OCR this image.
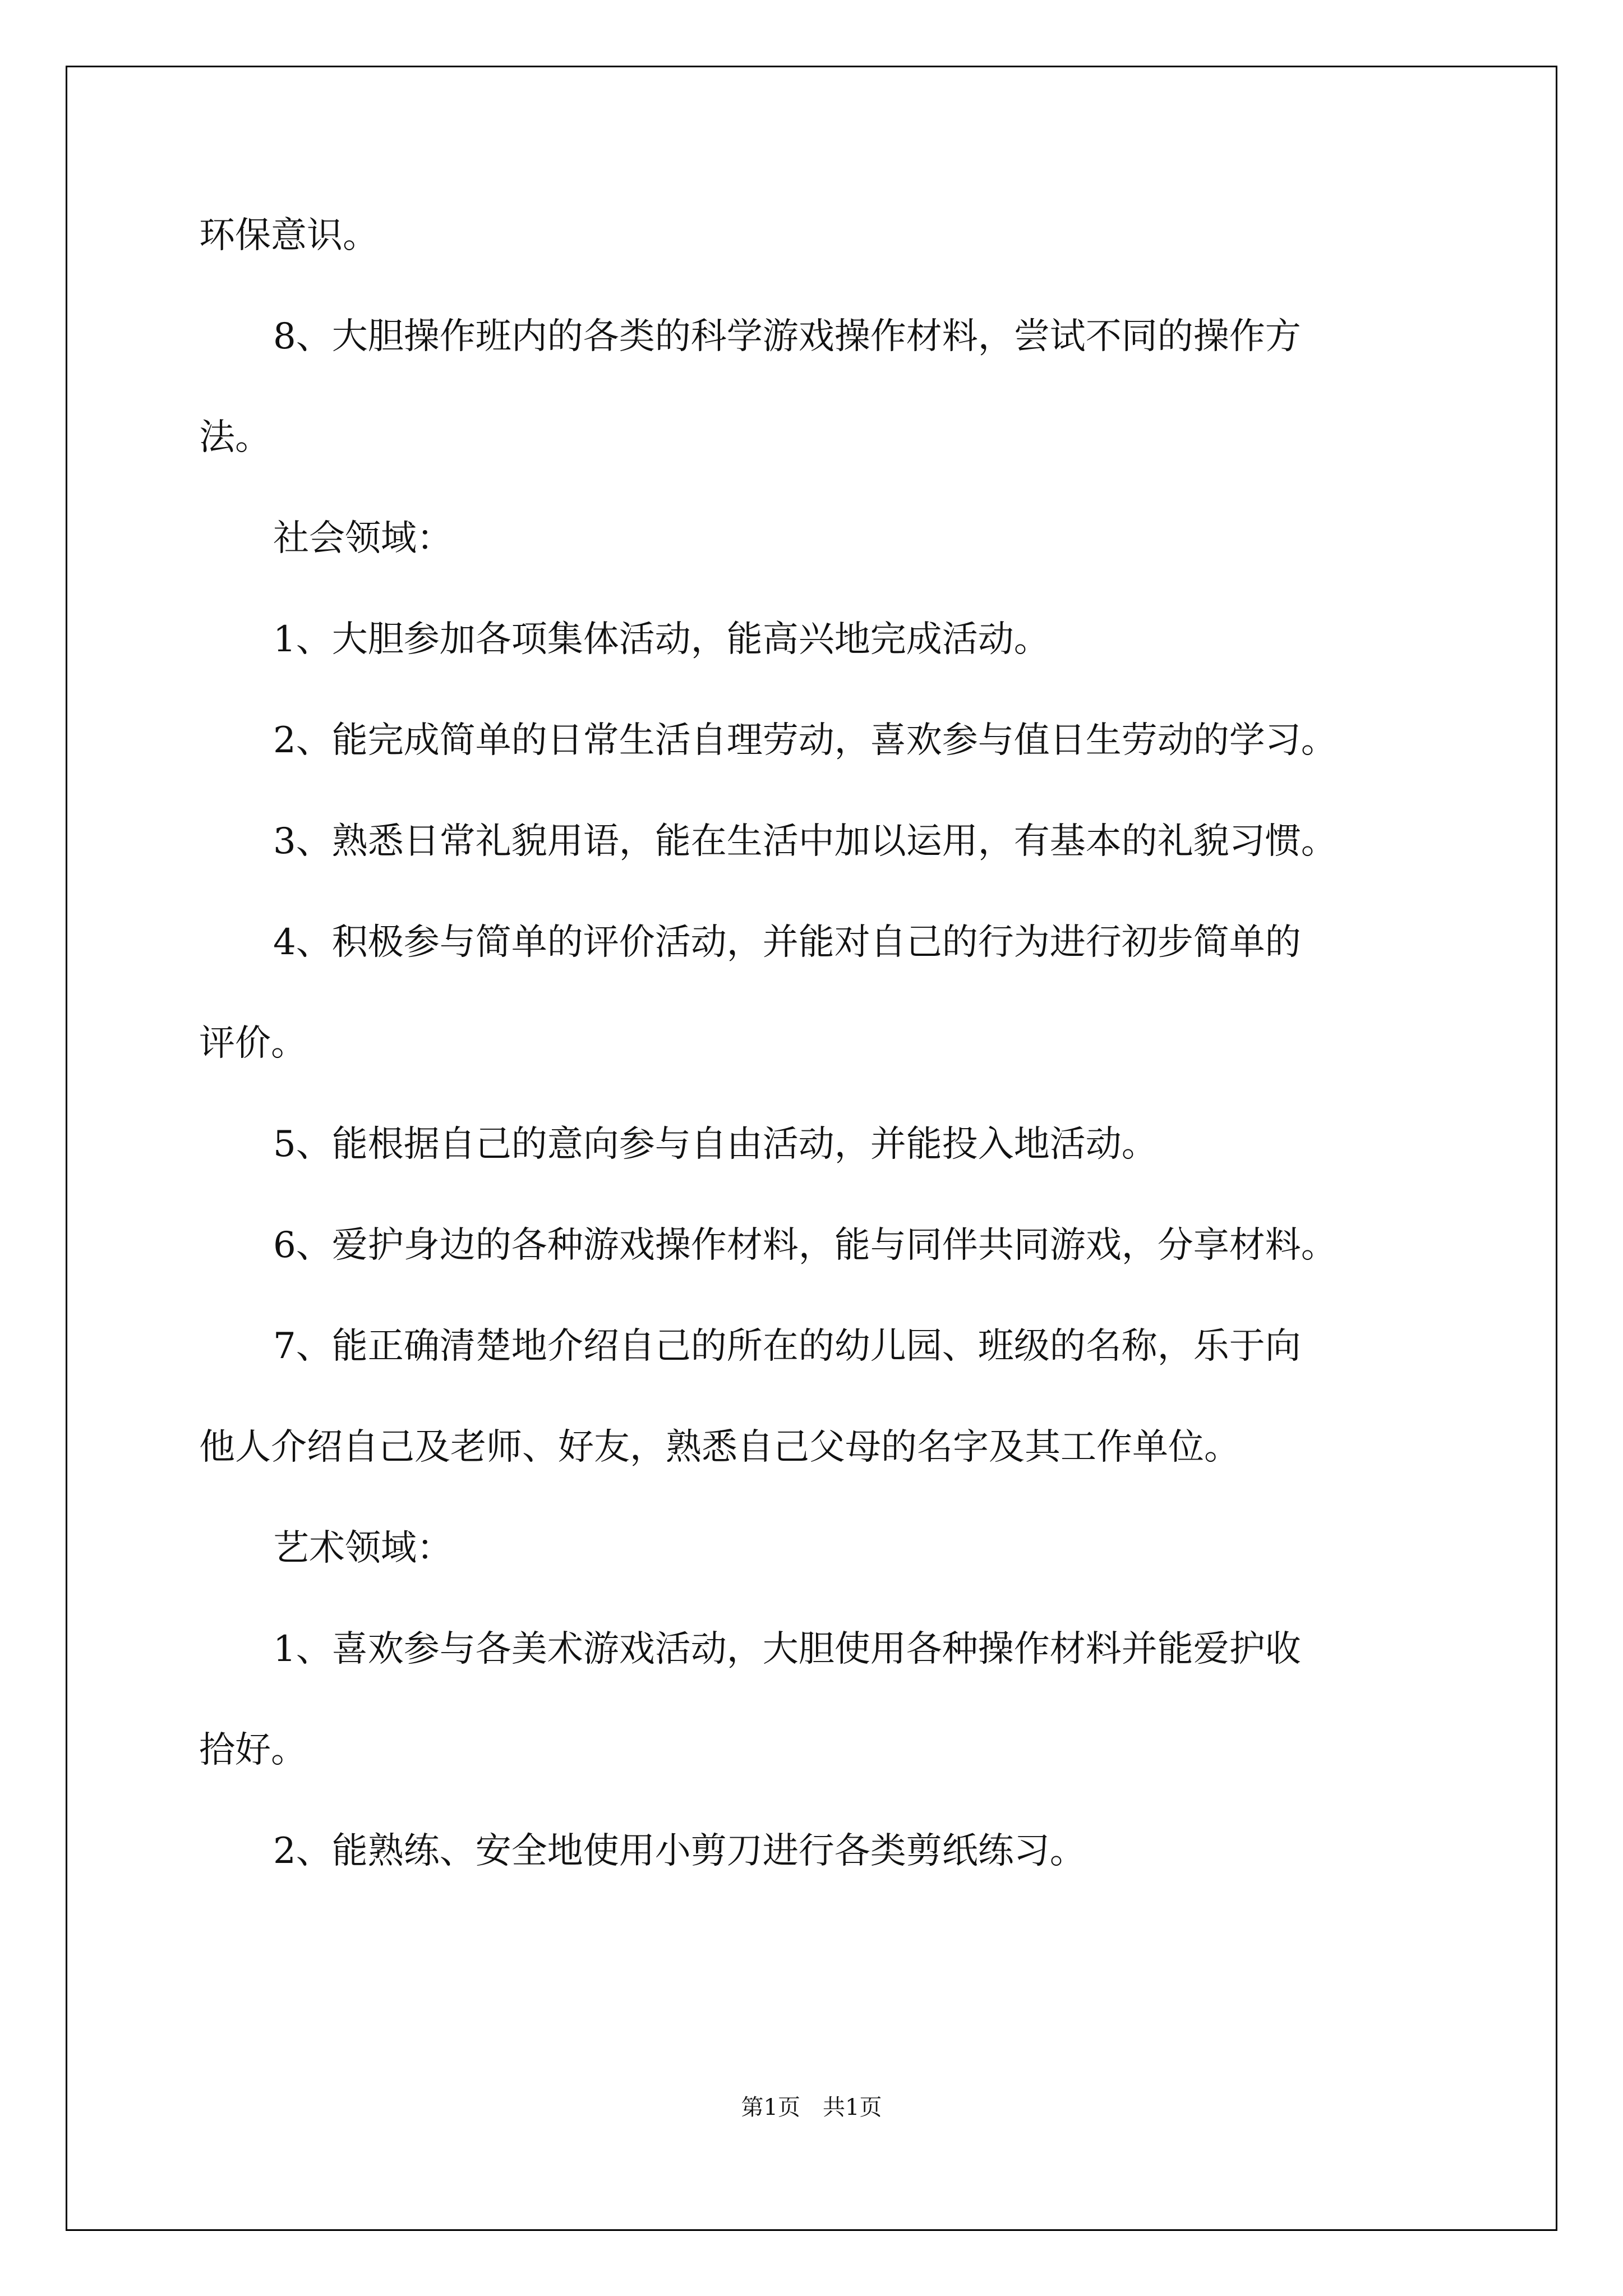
环保意识。
8、大胆操作班内的各类的科学游戏操作材料，尝试不同的操作方
法。
社会领域：
1、大胆参加各项集体活动，能高兴地完成活动。
2、能完成简单的日常生活自理劳动，喜欢参与值日生劳动的学习。
3、熟悉日常礼貌用语，能在生活中加以运用，有基本的礼貌习惯。
4、积极参与简单的评价活动，并能对自己的行为进行初步简单的
评价。
5、能根据自己的意向参与自由活动，并能投入地活动。
6、爱护身边的各种游戏操作材料，能与同伴共同游戏，分享材料。
7、能正确清楚地介绍自己的所在的幼儿园、班级的名称，乐于向
他人介绍自己及老师、好友，熟悉自己父母的名字及其工作单位。
艺术领域：
1、喜欢参与各美术游戏活动，大胆使用各种操作材料并能爱护收
拾好。
2、能熟练、安全地使用小剪刀进行各类剪纸练习。
第1页　共1页
